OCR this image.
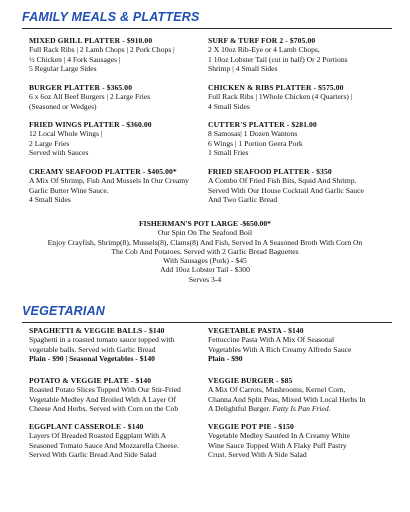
FAMILY MEALS & PLATTERS
MIXED GRILL PLATTER - $910.00
Full Rack Ribs | 2 Lamb Chops | 2 Pork Chops |
½ Chicken | 4 Fork Sausages |
5 Regular Large Sides
BURGER PLATTER - $365.00
6 x 6oz All Beef Burgers | 2 Large Fries
(Seasoned or Wedges)
FRIED WINGS PLATTER - $360.00
12 Local Whole Wings |
2 Large Fries
Served with Sauces
CREAMY SEAFOOD PLATTER - $405.00*
A Mix Of Shrimp, Fish And Mussels In Our Creamy
Garlic Butter Wine Sauce.
4 Small Sides
SURF & TURF FOR 2 - $705.00
2 X 10oz Rib-Eye or 4 Lamb Chops,
1 10oz Lobster Tail (cut in half) Or 2 Portions
Shrimp | 4 Small Sides
CHICKEN & RIBS PLATTER - $575.00
Full Rack Ribs | 1Whole Chicken (4 Quarters) |
4 Small Sides
CUTTER'S PLATTER - $281.00
8 Samosas| 1 Dozen Wantons
6 Wings | 1 Portion Geera Pork
1 Small Fries
FRIED SEAFOOD PLATTER - $350
A Combo Of Fried Fish Bits, Squid And Shrimp.
Served With Our House Cocktail And Garlic Sauce
And Two Garlic Bread
FISHERMAN'S POT LARGE -$650.00*
Our Spin On The Seafood Boil
Enjoy Crayfish, Shrimp(8), Mussels(8), Clams(8) And Fish, Served In A Seasoned Broth With Corn On
The Cob And Potatoes. Served with 2 Garlic Bread Baguettes
With Sausages (Pork) - $45
Add 10oz Lobster Tail - $300
Serves 3-4
VEGETARIAN
SPAGHETTI & VEGGIE BALLS - $140
Spaghetti in a roasted tomato sauce topped with
vegetable balls. Served with Garlic Bread
Plain - $90 | Seasonal Vegetables - $140
POTATO & VEGGIE PLATE - $140
Roasted Potato Slices Topped With Our Stir-Fried
Vegetable Medley And Broiled With A Layer Of
Cheese And Herbs. Served with Corn on the Cob
EGGPLANT CASSEROLE - $140
Layers Of Breaded Roasted Eggplant With A
Seasoned Tomato Sauce And Mozzarella Cheese.
Served With Garlic Bread And Side Salad
VEGETABLE PASTA - $140
Fettuccine Pasta With A Mix Of Seasonal
Vegetables With A Rich Creamy Alfredo Sauce
Plain - $90
VEGGIE BURGER - $85
A Mix Of Carrots, Mushrooms, Kernel Corn,
Channa And Split Peas, Mixed With Local Herbs In
A Delightful Burger. Fatty Is Pan Fried.
VEGGIE POT PIE - $150
Vegetable Medley Sautéed In A Creamy White
Wine Sauce Topped With A Flaky Puff Pastry
Crust. Served With A Side Salad
